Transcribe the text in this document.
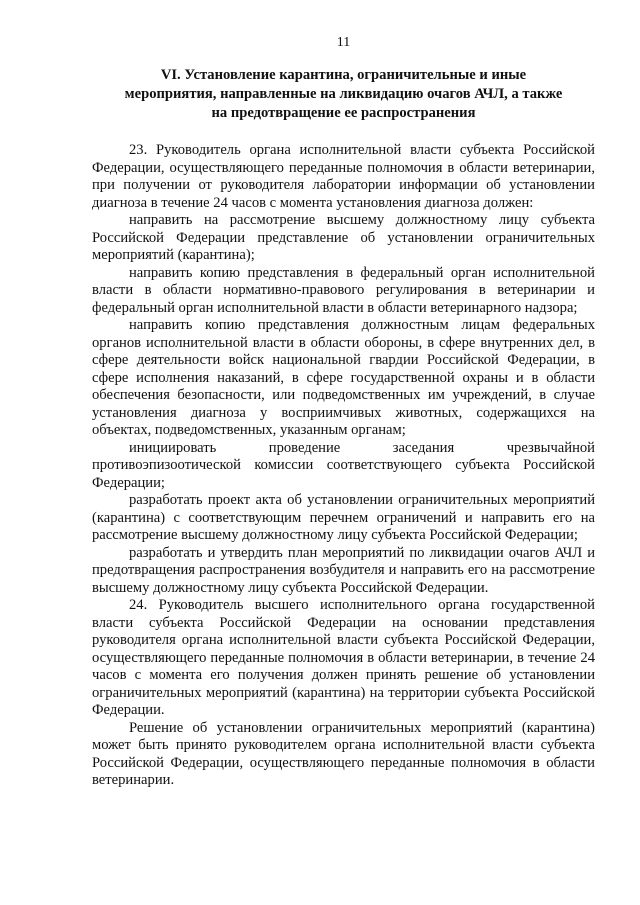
11
VI. Установление карантина, ограничительные и иные
мероприятия, направленные на ликвидацию очагов АЧЛ, а также
на предотвращение ее распространения

23. Руководитель органа исполнительной власти субъекта Российской Федерации, осуществляющего переданные полномочия в области ветеринарии, при получении от руководителя лаборатории информации об установлении диагноза в течение 24 часов с момента установления диагноза должен:

направить на рассмотрение высшему должностному лицу субъекта Российской Федерации представление об установлении ограничительных мероприятий (карантина);

направить копию представления в федеральный орган исполнительной власти в области нормативно-правового регулирования в ветеринарии и федеральный орган исполнительной власти в области ветеринарного надзора;

направить копию представления должностным лицам федеральных органов исполнительной власти в области обороны, в сфере внутренних дел, в сфере деятельности войск национальной гвардии Российской Федерации, в сфере исполнения наказаний, в сфере государственной охраны и в области обеспечения безопасности, или подведомственных им учреждений, в случае установления диагноза у восприимчивых животных, содержащихся на объектах, подведомственных, указанным органам;

инициировать проведение заседания чрезвычайной противоэпизоотической комиссии соответствующего субъекта Российской Федерации;

разработать проект акта об установлении ограничительных мероприятий (карантина) с соответствующим перечнем ограничений и направить его на рассмотрение высшему должностному лицу субъекта Российской Федерации;

разработать и утвердить план мероприятий по ликвидации очагов АЧЛ и предотвращения распространения возбудителя и направить его на рассмотрение высшему должностному лицу субъекта Российской Федерации.

24. Руководитель высшего исполнительного органа государственной власти субъекта Российской Федерации на основании представления руководителя органа исполнительной власти субъекта Российской Федерации, осуществляющего переданные полномочия в области ветеринарии, в течение 24 часов с момента его получения должен принять решение об установлении ограничительных мероприятий (карантина) на территории субъекта Российской Федерации.

Решение об установлении ограничительных мероприятий (карантина) может быть принято руководителем органа исполнительной власти субъекта Российской Федерации, осуществляющего переданные полномочия в области ветеринарии.
